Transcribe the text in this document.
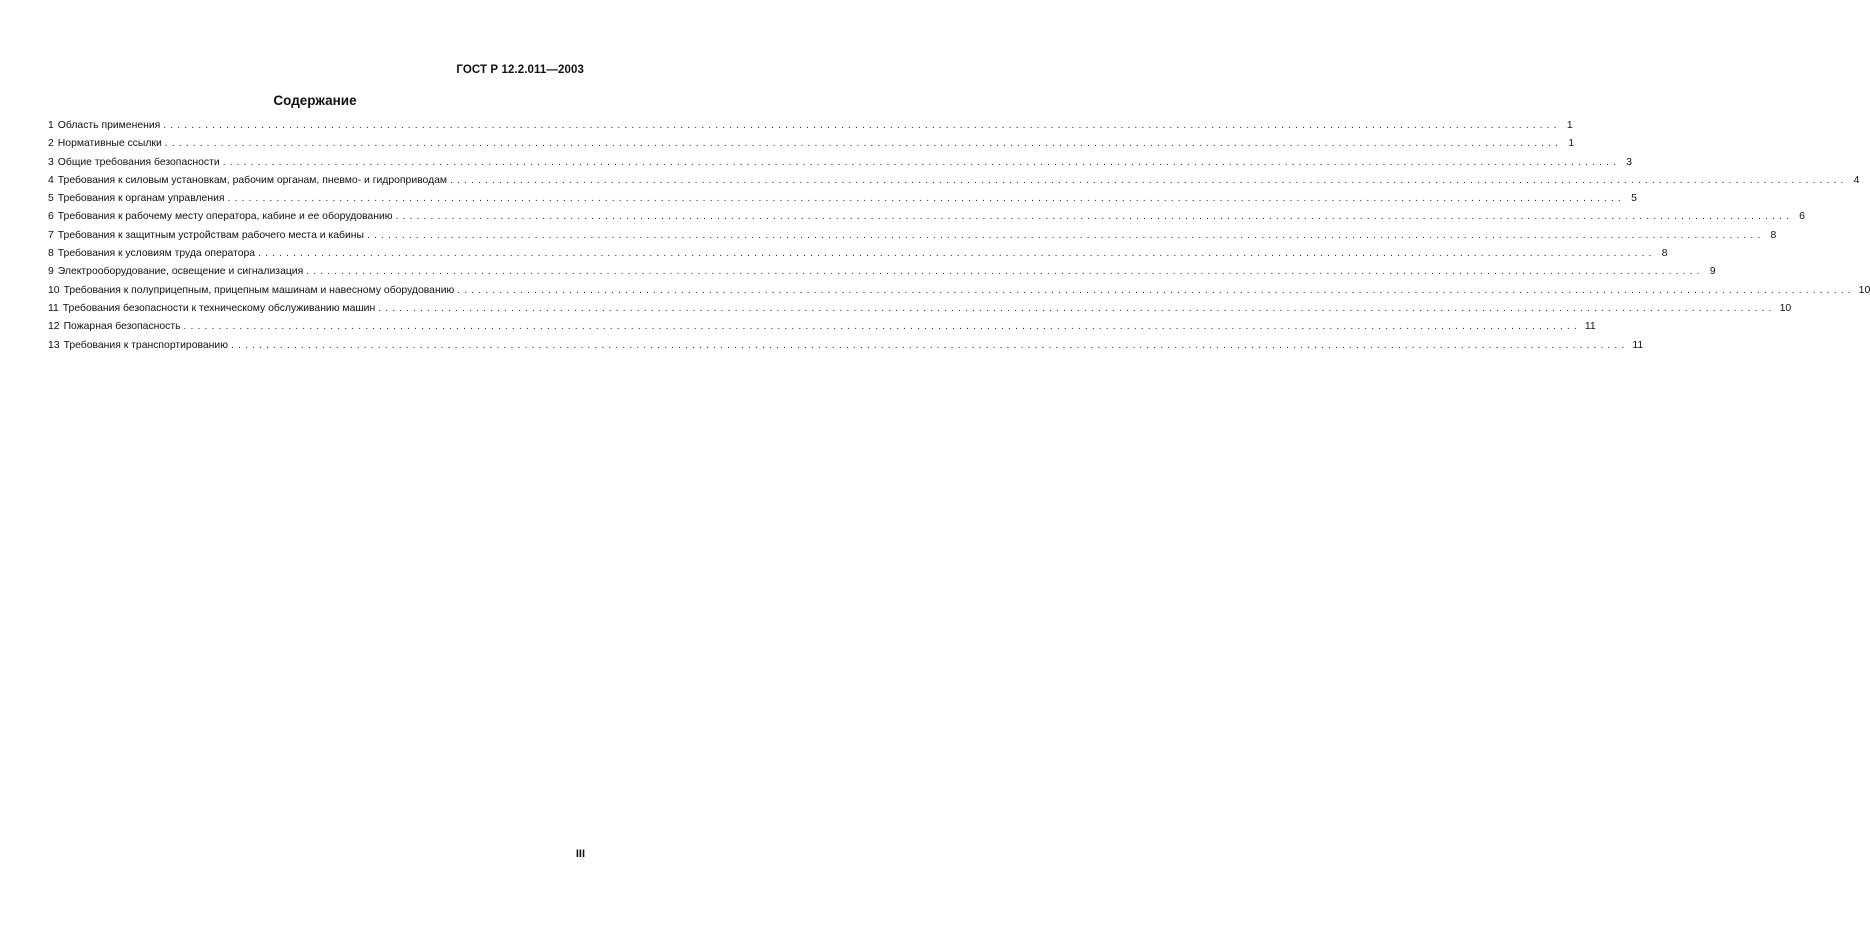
ГОСТ Р 12.2.011—2003
Содержание
1 Область применения ........................................................................................................................................................................................................ 1
2 Нормативные ссылки ........................................................................................................................................................................................................ 1
3 Общие требования безопасности ........................................................................................................................................................................................................ 3
4 Требования к силовым установкам, рабочим органам, пневмо- и гидроприводам ........................................................................................................................................................................................................ 4
5 Требования к органам управления ........................................................................................................................................................................................................ 5
6 Требования к рабочему месту оператора, кабине и ее оборудованию ........................................................................................................................................................................................................ 6
7 Требования к защитным устройствам рабочего места и кабины ........................................................................................................................................................................................................ 8
8 Требования к условиям труда оператора ........................................................................................................................................................................................................ 8
9 Электрооборудование, освещение и сигнализация ........................................................................................................................................................................................................ 9
10 Требования к полуприцепным, прицепным машинам и навесному оборудованию ........................................................................................................................................................................................................ 10
11 Требования безопасности к техническому обслуживанию машин ........................................................................................................................................................................................................ 10
12 Пожарная безопасность ........................................................................................................................................................................................................ 11
13 Требования к транспортированию ........................................................................................................................................................................................................ 11
III
